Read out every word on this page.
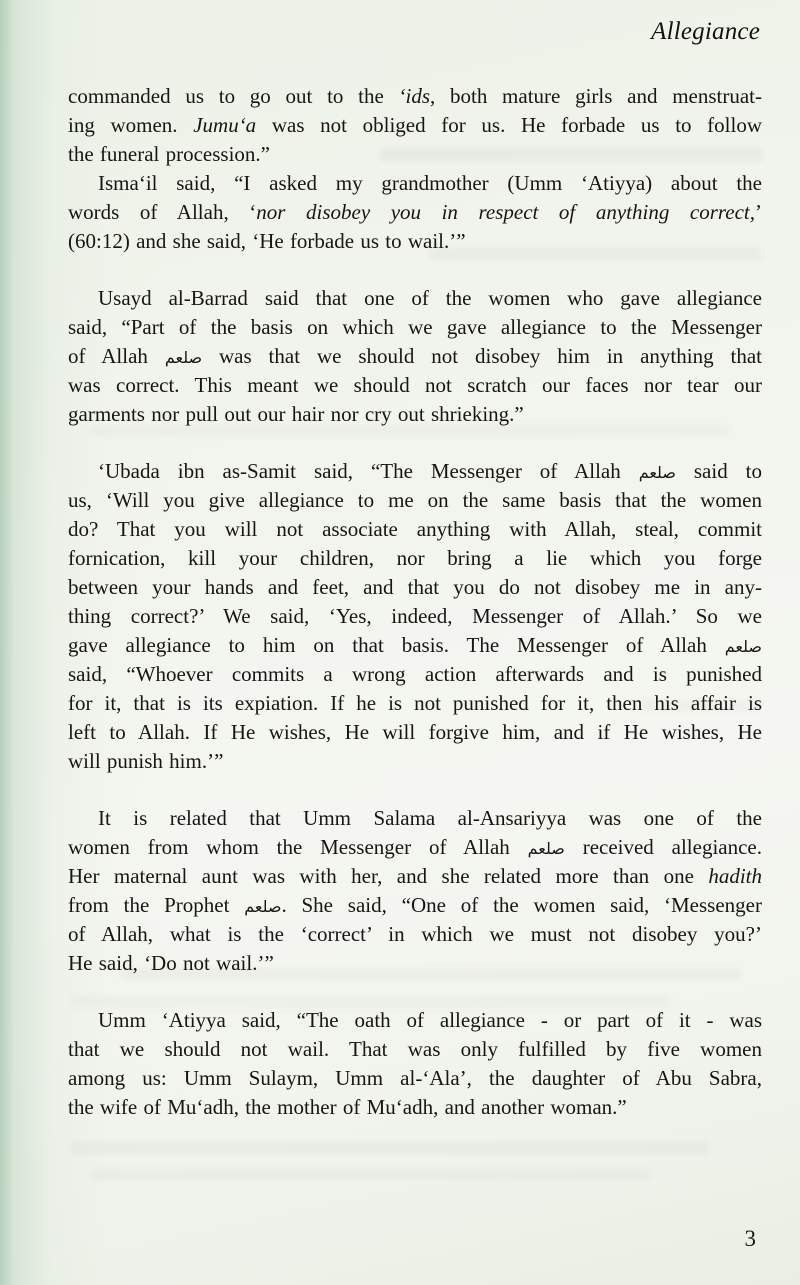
Allegiance
commanded us to go out to the ‘ids, both mature girls and menstruat-
ing women. Jumu‘a was not obliged for us. He forbade us to follow
the funeral procession.”
Isma‘il said, “I asked my grandmother (Umm ‘Atiyya) about the
words of Allah, ‘nor disobey you in respect of anything correct,’
(60:12) and she said, ‘He forbade us to wail.’”
Usayd al-Barrad said that one of the women who gave allegiance
said, “Part of the basis on which we gave allegiance to the Messenger
of Allah صلعم was that we should not disobey him in anything that
was correct. This meant we should not scratch our faces nor tear our
garments nor pull out our hair nor cry out shrieking.”
‘Ubada ibn as-Samit said, “The Messenger of Allah صلعم said to
us, ‘Will you give allegiance to me on the same basis that the women
do? That you will not associate anything with Allah, steal, commit
fornication, kill your children, nor bring a lie which you forge
between your hands and feet, and that you do not disobey me in any-
thing correct?’ We said, ‘Yes, indeed, Messenger of Allah.’ So we
gave allegiance to him on that basis. The Messenger of Allah صلعم
said, “Whoever commits a wrong action afterwards and is punished
for it, that is its expiation. If he is not punished for it, then his affair is
left to Allah. If He wishes, He will forgive him, and if He wishes, He
will punish him.’”
It is related that Umm Salama al-Ansariyya was one of the
women from whom the Messenger of Allah صلعم received allegiance.
Her maternal aunt was with her, and she related more than one hadith
from the Prophet صلعم. She said, “One of the women said, ‘Messenger
of Allah, what is the ‘correct’ in which we must not disobey you?’
He said, ‘Do not wail.’”
Umm ‘Atiyya said, “The oath of allegiance - or part of it - was
that we should not wail. That was only fulfilled by five women
among us: Umm Sulaym, Umm al-‘Ala’, the daughter of Abu Sabra,
the wife of Mu‘adh, the mother of Mu‘adh, and another woman.”
3
